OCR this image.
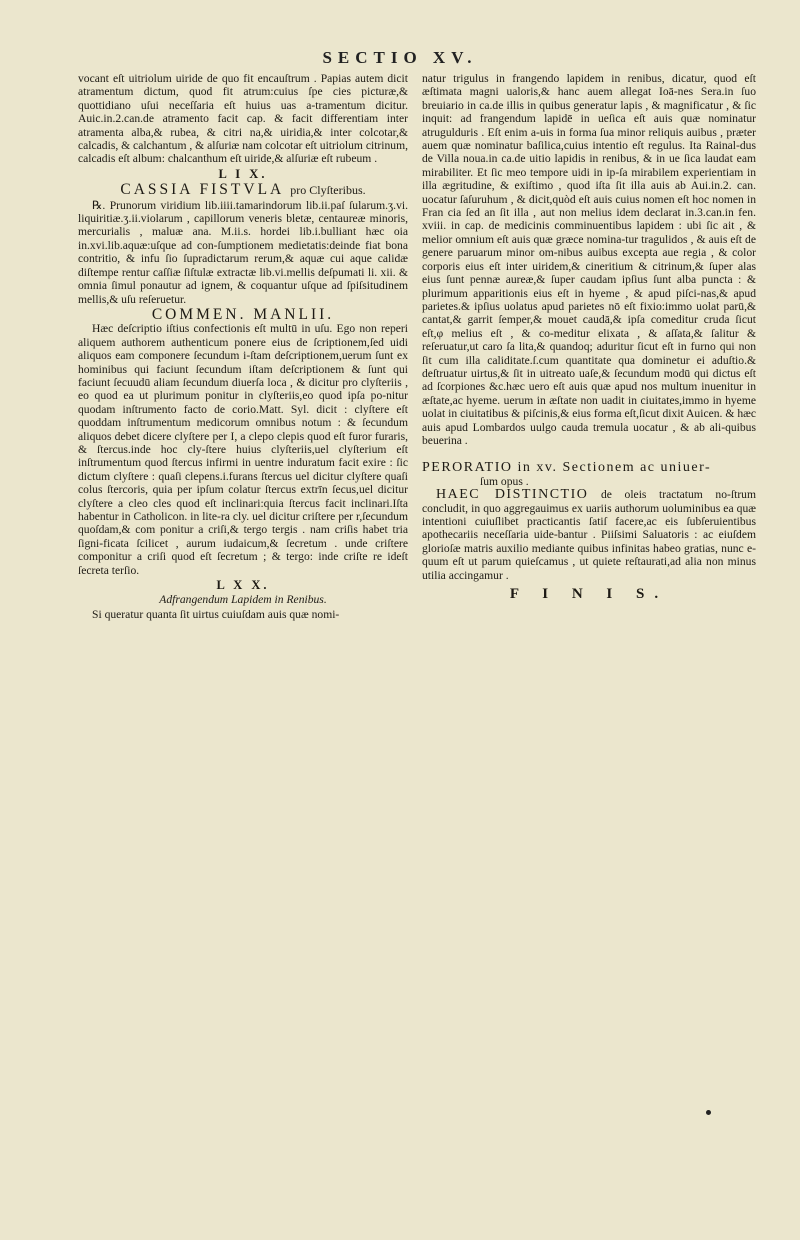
SECTIO XV.

vocant eſt uitriolum uiride de quo fit encauſtrum . Papias autem dicit atramentum dictum, quod fit atrum:cuius ſpe cies picturæ,& quottidiano uſui neceſſaria eſt huius uas a-tramentum dicitur. Auic.in.2.can.de atramento facit cap. & facit differentiam inter atramenta alba,& rubea, & citri na,& uiridia,& inter colcotar,& calcadis, & calchantum , & alſuriæ nam colcotar eſt uitriolum citrinum, calcadis eſt album: chalcanthum eſt uiride,& alſuriæ eſt rubeum .

L I X.
CASSIA FISTVLA pro Clyſteribus.

℞. Prunorum viridium lib.iiii.tamarindorum lib.ii.paſ ſularum.ʒ.vi. liquiritiæ.ʒ.ii.violarum , capillorum veneris bletæ, centaureæ minoris, mercurialis , maluæ ana. M.ii.s. hordei lib.i.bulliant hæc oia in.xvi.lib.aquæ:uſque ad con-ſumptionem medietatis:deinde fiat bona contritio, & infu ſio ſupradictarum rerum,& aquæ cui aque calidæ diſtempe rentur caſſiæ ſiſtulæ extractæ lib.vi.mellis deſpumati li. xii. & omnia ſimul ponautur ad ignem, & coquantur uſque ad ſpiſsitudinem mellis,& uſu reſeruetur.

COMMEN. MANLII.

Hæc deſcriptio iſtius confectionis eſt multū in uſu. Ego non reperi aliquem authorem authenticum ponere eius de ſcriptionem,ſed uidi aliquos eam componere ſecundum i-ſtam deſcriptionem,uerum ſunt ex hominibus qui faciunt ſecundum iſtam deſcriptionem & ſunt qui faciunt ſecuudū aliam ſecundum diuerſa loca , & dicitur pro clyſteriis , eo quod ea ut plurimum ponitur in clyſteriis,eo quod ipſa po-nitur quodam inſtrumento facto de corio.Matt. Syl. dicit : clyſtere eſt quoddam inſtrumentum medicorum omnibus notum : & ſecundum aliquos debet dicere clyſtere per I, a clepo clepis quod eſt furor furaris, & ſtercus.inde hoc cly-ſtere huius clyſteriis,uel clyſterium eſt inſtrumentum quod ſtercus infirmi in uentre induratum facit exire : ſic dictum clyſtere : quaſi clepens.i.furans ſtercus uel dicitur clyſtere quaſi colus ſtercoris, quia per ipſum colatur ſtercus extrīn ſecus,uel dicitur clyſtere a cleo cles quod eſt inclinari:quia ſtercus facit inclinari.Iſta habentur in Catholicon. in lite-ra cly. uel dicitur criſtere per r,ſecundum quoſdam,& com ponitur a criſi,& tergo tergis . nam criſis habet tria ſigni-ficata ſcilicet , aurum iudaicum,& ſecretum . unde criſtere componitur a criſi quod eſt ſecretum ; & tergo: inde criſte re ideſt ſecreta terſio.

L X X.
Adfrangendum Lapidem in Renibus.

Si queratur quanta ſit uirtus cuiuſdam auis quæ nomi-

natur trigulus in frangendo lapidem in renibus, dicatur, quod eſt æſtimata magni ualoris,& hanc auem allegat Ioā-nes Sera.in ſuo breuiario in ca.de illis in quibus generatur lapis , & magnificatur , & ſic inquit: ad frangendum lapidē in ueſica eſt auis quæ nominatur atrugulduris . Eſt enim a-uis in forma ſua minor reliquis auibus , præter auem quæ nominatur baſilica,cuius intentio eſt regulus. Ita Rainal-dus de Villa noua.in ca.de uitio lapidis in renibus, & in ue ſica laudat eam mirabiliter. Et ſic meo tempore uidi in ip-ſa mirabilem experientiam in illa ægritudine, & exiſtimo , quod iſta ſit illa auis ab Aui.in.2. can. uocatur ſaſuruhum , & dicit,quòd eſt auis cuius nomen eſt hoc nomen in Fran cia ſed an ſit illa , aut non melius idem declarat in.3.can.in fen. xviii. in cap. de medicinis comminuentibus lapidem : ubi ſic ait , & melior omnium eſt auis quæ græce nomina-tur tragulidos , & auis eſt de genere paruarum minor om-nibus auibus excepta aue regia , & color corporis eius eſt inter uiridem,& cineritium & citrinum,& ſuper alas eius ſunt pennæ aureæ,& ſuper caudam ipſius ſunt alba puncta : & plurimum apparitionis eius eſt in hyeme , & apud piſci-nas,& apud parietes.& ipſius uolatus apud parietes nō eſt fixio:immo uolat parū,& cantat,& garrit ſemper,& mouet caudā,& ipſa comeditur cruda ſicut eſt,φ melius eſt , & co-meditur elixata , & aſſata,& ſalitur & reſeruatur,ut caro ſa lita,& quandoq; aduritur ſicut eſt in furno qui non ſit cum illa caliditate.ſ.cum quantitate qua dominetur ei aduſtio.& deſtruatur uirtus,& ſit in uitreato uaſe,& ſecundum modū qui dictus eſt ad ſcorpiones &c.hæc uero eſt auis quæ apud nos multum inuenitur in æſtate,ac hyeme. uerum in æſtate non uadit in ciuitates,immo in hyeme uolat in ciuitatibus & piſcinis,& eius forma eſt,ſicut dixit Auicen. & hæc auis apud Lombardos uulgo cauda tremula uocatur , & ab ali-quibus beuerina .

PERORATIO in xv. Sectionem ac uniuer-
ſum opus .

HAEC DISTINCTIO de oleis tractatum no-ſtrum concludit, in quo aggregauimus ex uariis authorum uoluminibus ea quæ intentioni cuiuſlibet practicantis ſatiſ facere,ac eis ſubſeruientibus apothecariis neceſſaria uide-bantur . Piiſsimi Saluatoris : ac eiuſdem glorioſæ matris auxilio mediante quibus infinitas habeo gratias, nunc e-quum eſt ut parum quieſcamus , ut quiete reſtaurati,ad alia non minus utilia accingamur .

F I N I S.
